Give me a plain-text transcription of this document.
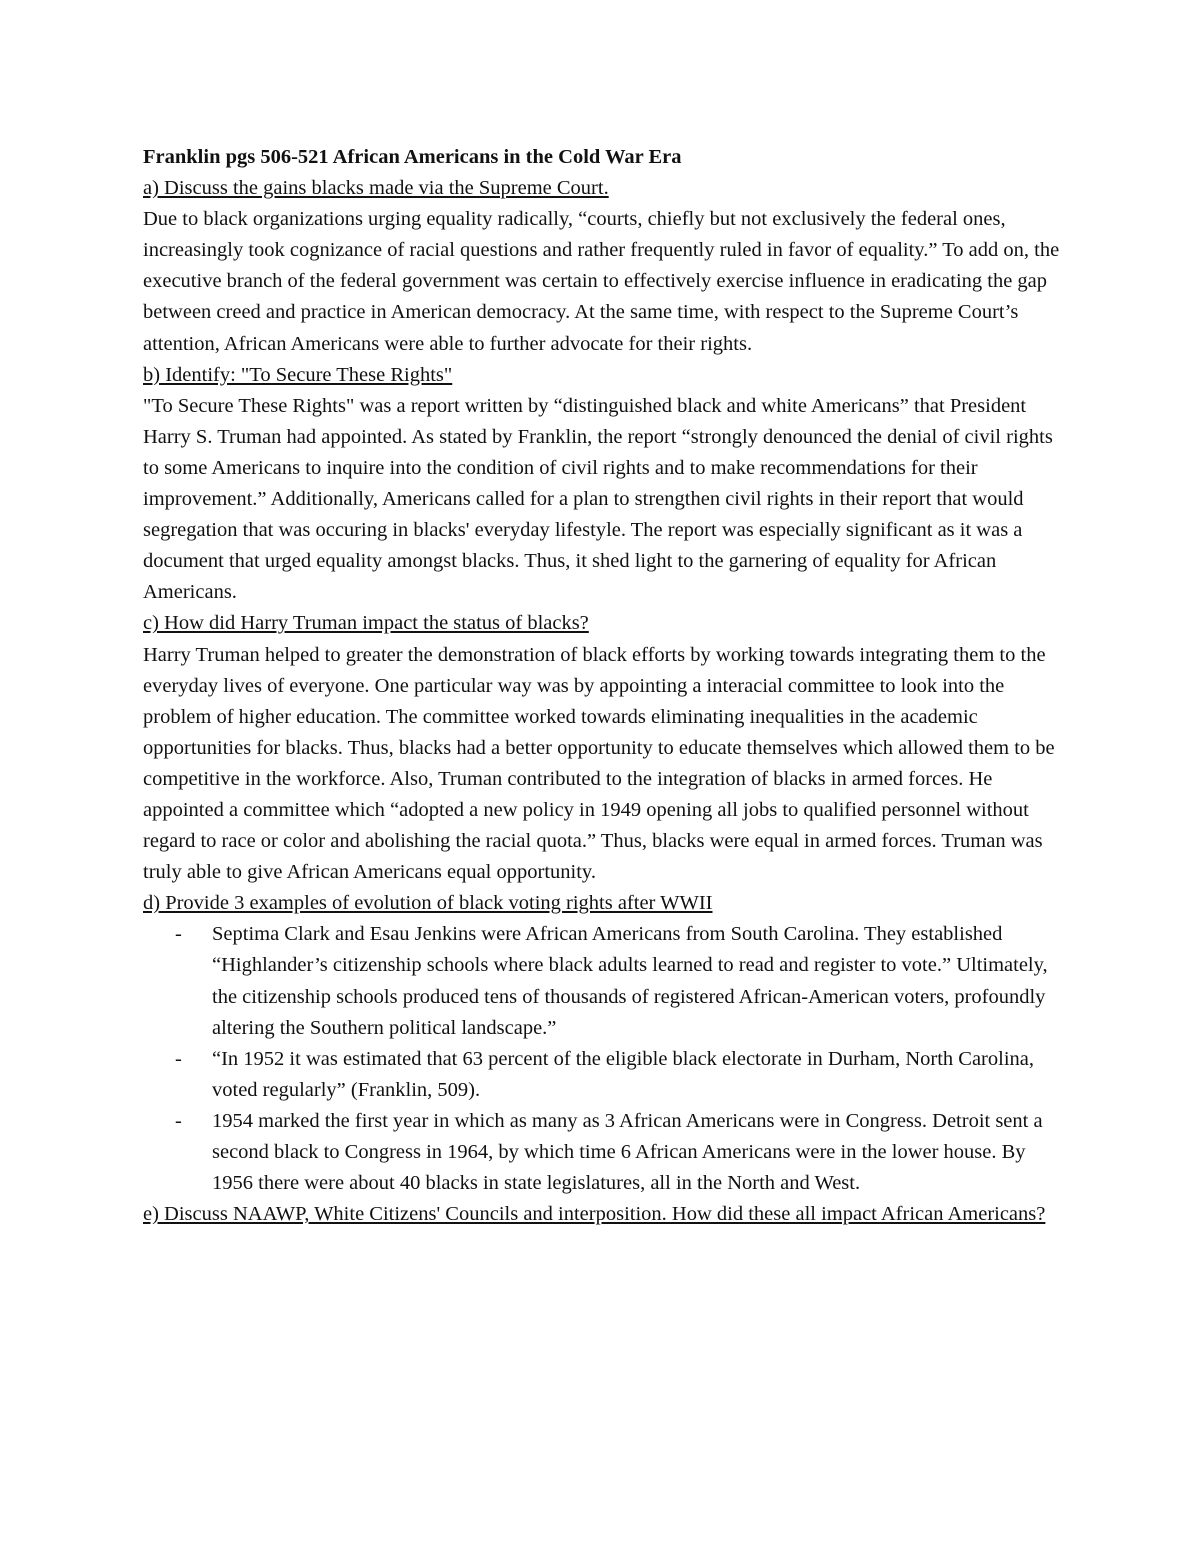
Franklin pgs 506-521 African Americans in the Cold War Era

a) Discuss the gains blacks made via the Supreme Court.

Due to black organizations urging equality radically, “courts, chiefly but not exclusively the federal ones, increasingly took cognizance of racial questions and rather frequently ruled in favor of equality.” To add on, the executive branch of the federal government was certain to effectively exercise influence in eradicating the gap between creed and practice in American democracy. At the same time, with respect to the Supreme Court’s attention, African Americans were able to further advocate for their rights.

b) Identify: "To Secure These Rights"

"To Secure These Rights" was a report written by “distinguished black and white Americans” that President Harry S. Truman had appointed. As stated by Franklin, the report “strongly denounced the denial of civil rights to some Americans to inquire into the condition of civil rights and to make recommendations for their improvement.” Additionally, Americans called for a plan to strengthen civil rights in their report that would segregation that was occuring in blacks' everyday lifestyle. The report was especially significant as it was a document that urged equality amongst blacks. Thus, it shed light to the garnering of equality for African Americans.

c) How did Harry Truman impact the status of blacks?

Harry Truman helped to greater the demonstration of black efforts by working towards integrating them to the everyday lives of everyone. One particular way was by appointing a interacial committee to look into the problem of higher education. The committee worked towards eliminating inequalities in the academic opportunities for blacks. Thus, blacks had a better opportunity to educate themselves which allowed them to be competitive in the workforce. Also, Truman contributed to the integration of blacks in armed forces. He appointed a committee which “adopted a new policy in 1949 opening all jobs to qualified personnel without regard to race or color and abolishing the racial quota.” Thus, blacks were equal in armed forces. Truman was truly able to give African Americans equal opportunity.

d) Provide 3 examples of evolution of black voting rights after WWII

- Septima Clark and Esau Jenkins were African Americans from South Carolina. They established “Highlander’s citizenship schools where black adults learned to read and register to vote.” Ultimately, the citizenship schools produced tens of thousands of registered African-American voters, profoundly altering the Southern political landscape.”
- “In 1952 it was estimated that 63 percent of the eligible black electorate in Durham, North Carolina, voted regularly” (Franklin, 509).
- 1954 marked the first year in which as many as 3 African Americans were in Congress. Detroit sent a second black to Congress in 1964, by which time 6 African Americans were in the lower house. By 1956 there were about 40 blacks in state legislatures, all in the North and West.

e) Discuss NAAWP, White Citizens' Councils and interposition. How did these all impact African Americans?
